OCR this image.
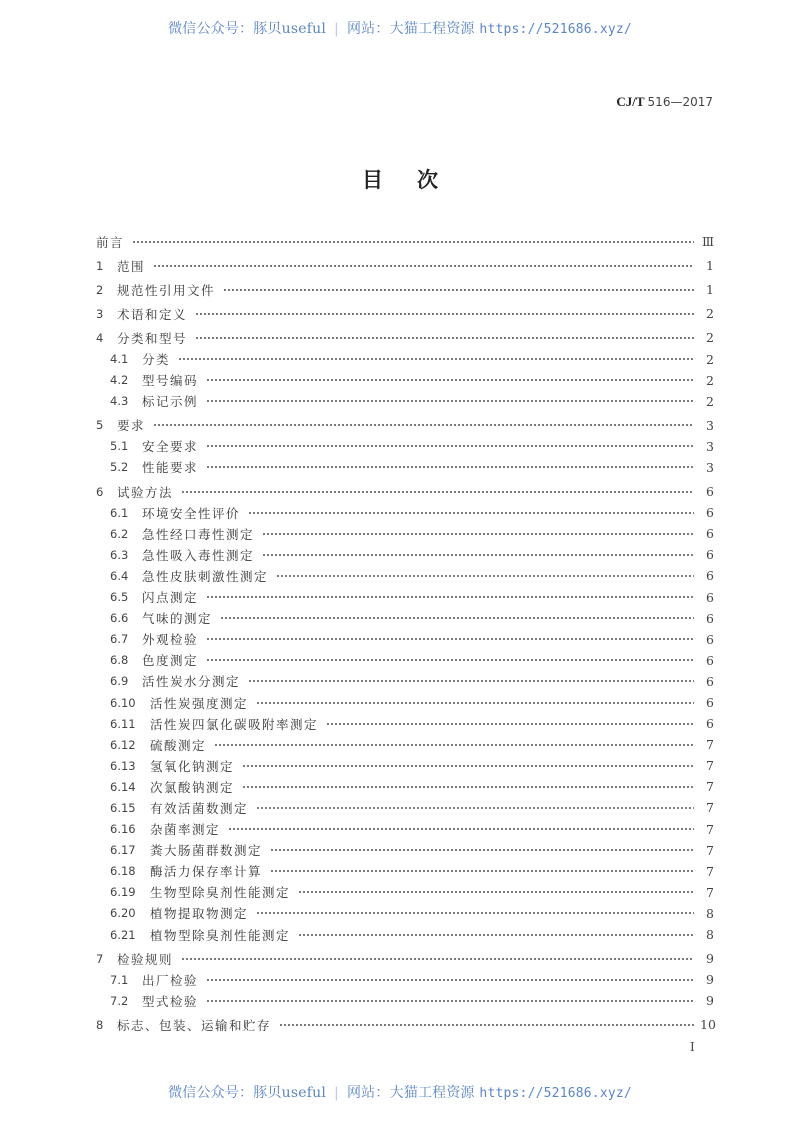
微信公众号：豚贝useful | 网站：大猫工程资源 https://521686.xyz/
CJ/T 516—2017
目次
前言	Ⅲ
1	范围	1
2	规范性引用文件	1
3	术语和定义	2
4	分类和型号	2
4.1	分类	2
4.2	型号编码	2
4.3	标记示例	2
5	要求	3
5.1	安全要求	3
5.2	性能要求	3
6	试验方法	6
6.1	环境安全性评价	6
6.2	急性经口毒性测定	6
6.3	急性吸入毒性测定	6
6.4	急性皮肤刺激性测定	6
6.5	闪点测定	6
6.6	气味的测定	6
6.7	外观检验	6
6.8	色度测定	6
6.9	活性炭水分测定	6
6.10	活性炭强度测定	6
6.11	活性炭四氯化碳吸附率测定	6
6.12	硫酸测定	7
6.13	氢氧化钠测定	7
6.14	次氯酸钠测定	7
6.15	有效活菌数测定	7
6.16	杂菌率测定	7
6.17	粪大肠菌群数测定	7
6.18	酶活力保存率计算	7
6.19	生物型除臭剂性能测定	7
6.20	植物提取物测定	8
6.21	植物型除臭剂性能测定	8
7	检验规则	9
7.1	出厂检验	9
7.2	型式检验	9
8	标志、包装、运输和贮存	10
Ⅰ
微信公众号：豚贝useful | 网站：大猫工程资源 https://521686.xyz/
